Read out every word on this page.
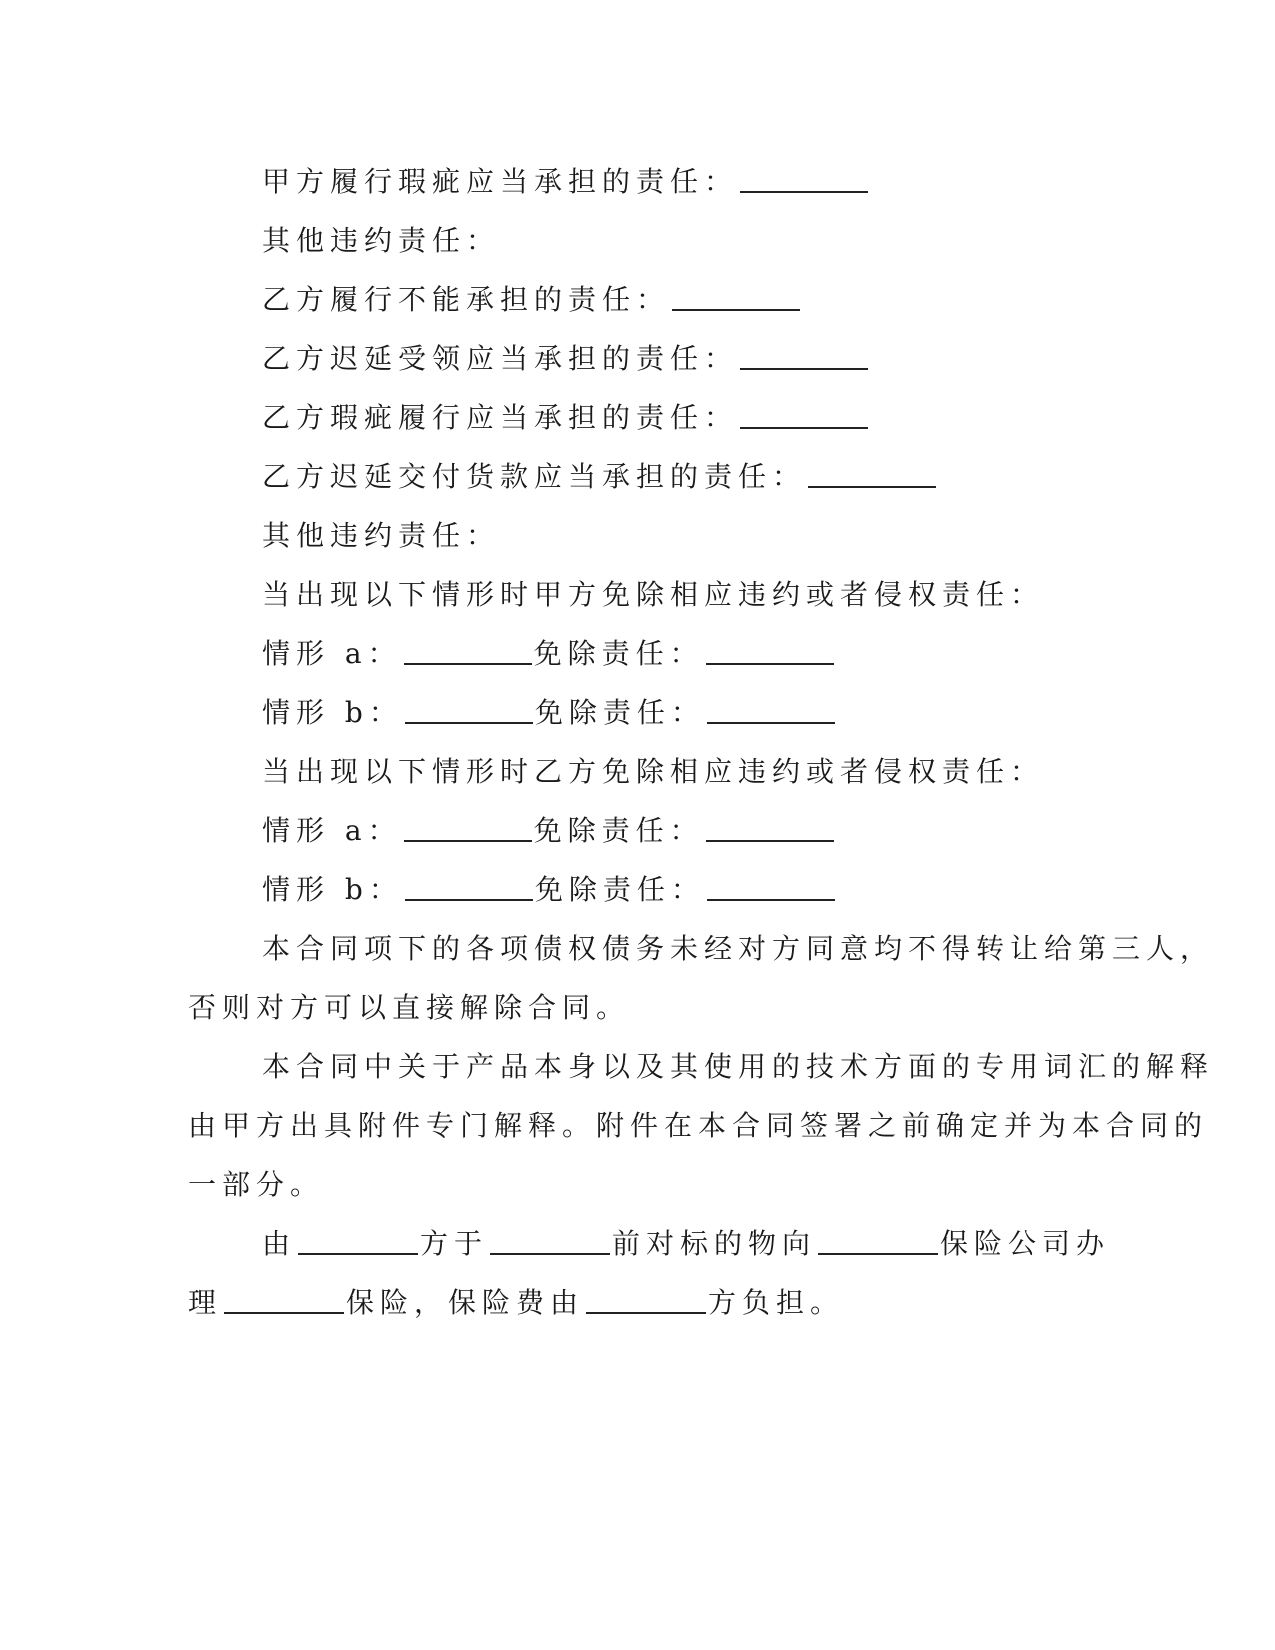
甲方履行瑕疵应当承担的责任：
其他违约责任：
乙方履行不能承担的责任：
乙方迟延受领应当承担的责任：
乙方瑕疵履行应当承担的责任：
乙方迟延交付货款应当承担的责任：
其他违约责任：
当出现以下情形时甲方免除相应违约或者侵权责任：
情形 a：	免除责任：
情形 b：	免除责任：
当出现以下情形时乙方免除相应违约或者侵权责任：
情形 a：	免除责任：
情形 b：	免除责任：
本合同项下的各项债权债务未经对方同意均不得转让给第三人，
否则对方可以直接解除合同。
本合同中关于产品本身以及其使用的技术方面的专用词汇的解释
由甲方出具附件专门解释。附件在本合同签署之前确定并为本合同的
一部分。
由	方于	前对标的物向	保险公司办
理	保险，保险费由	方负担。
